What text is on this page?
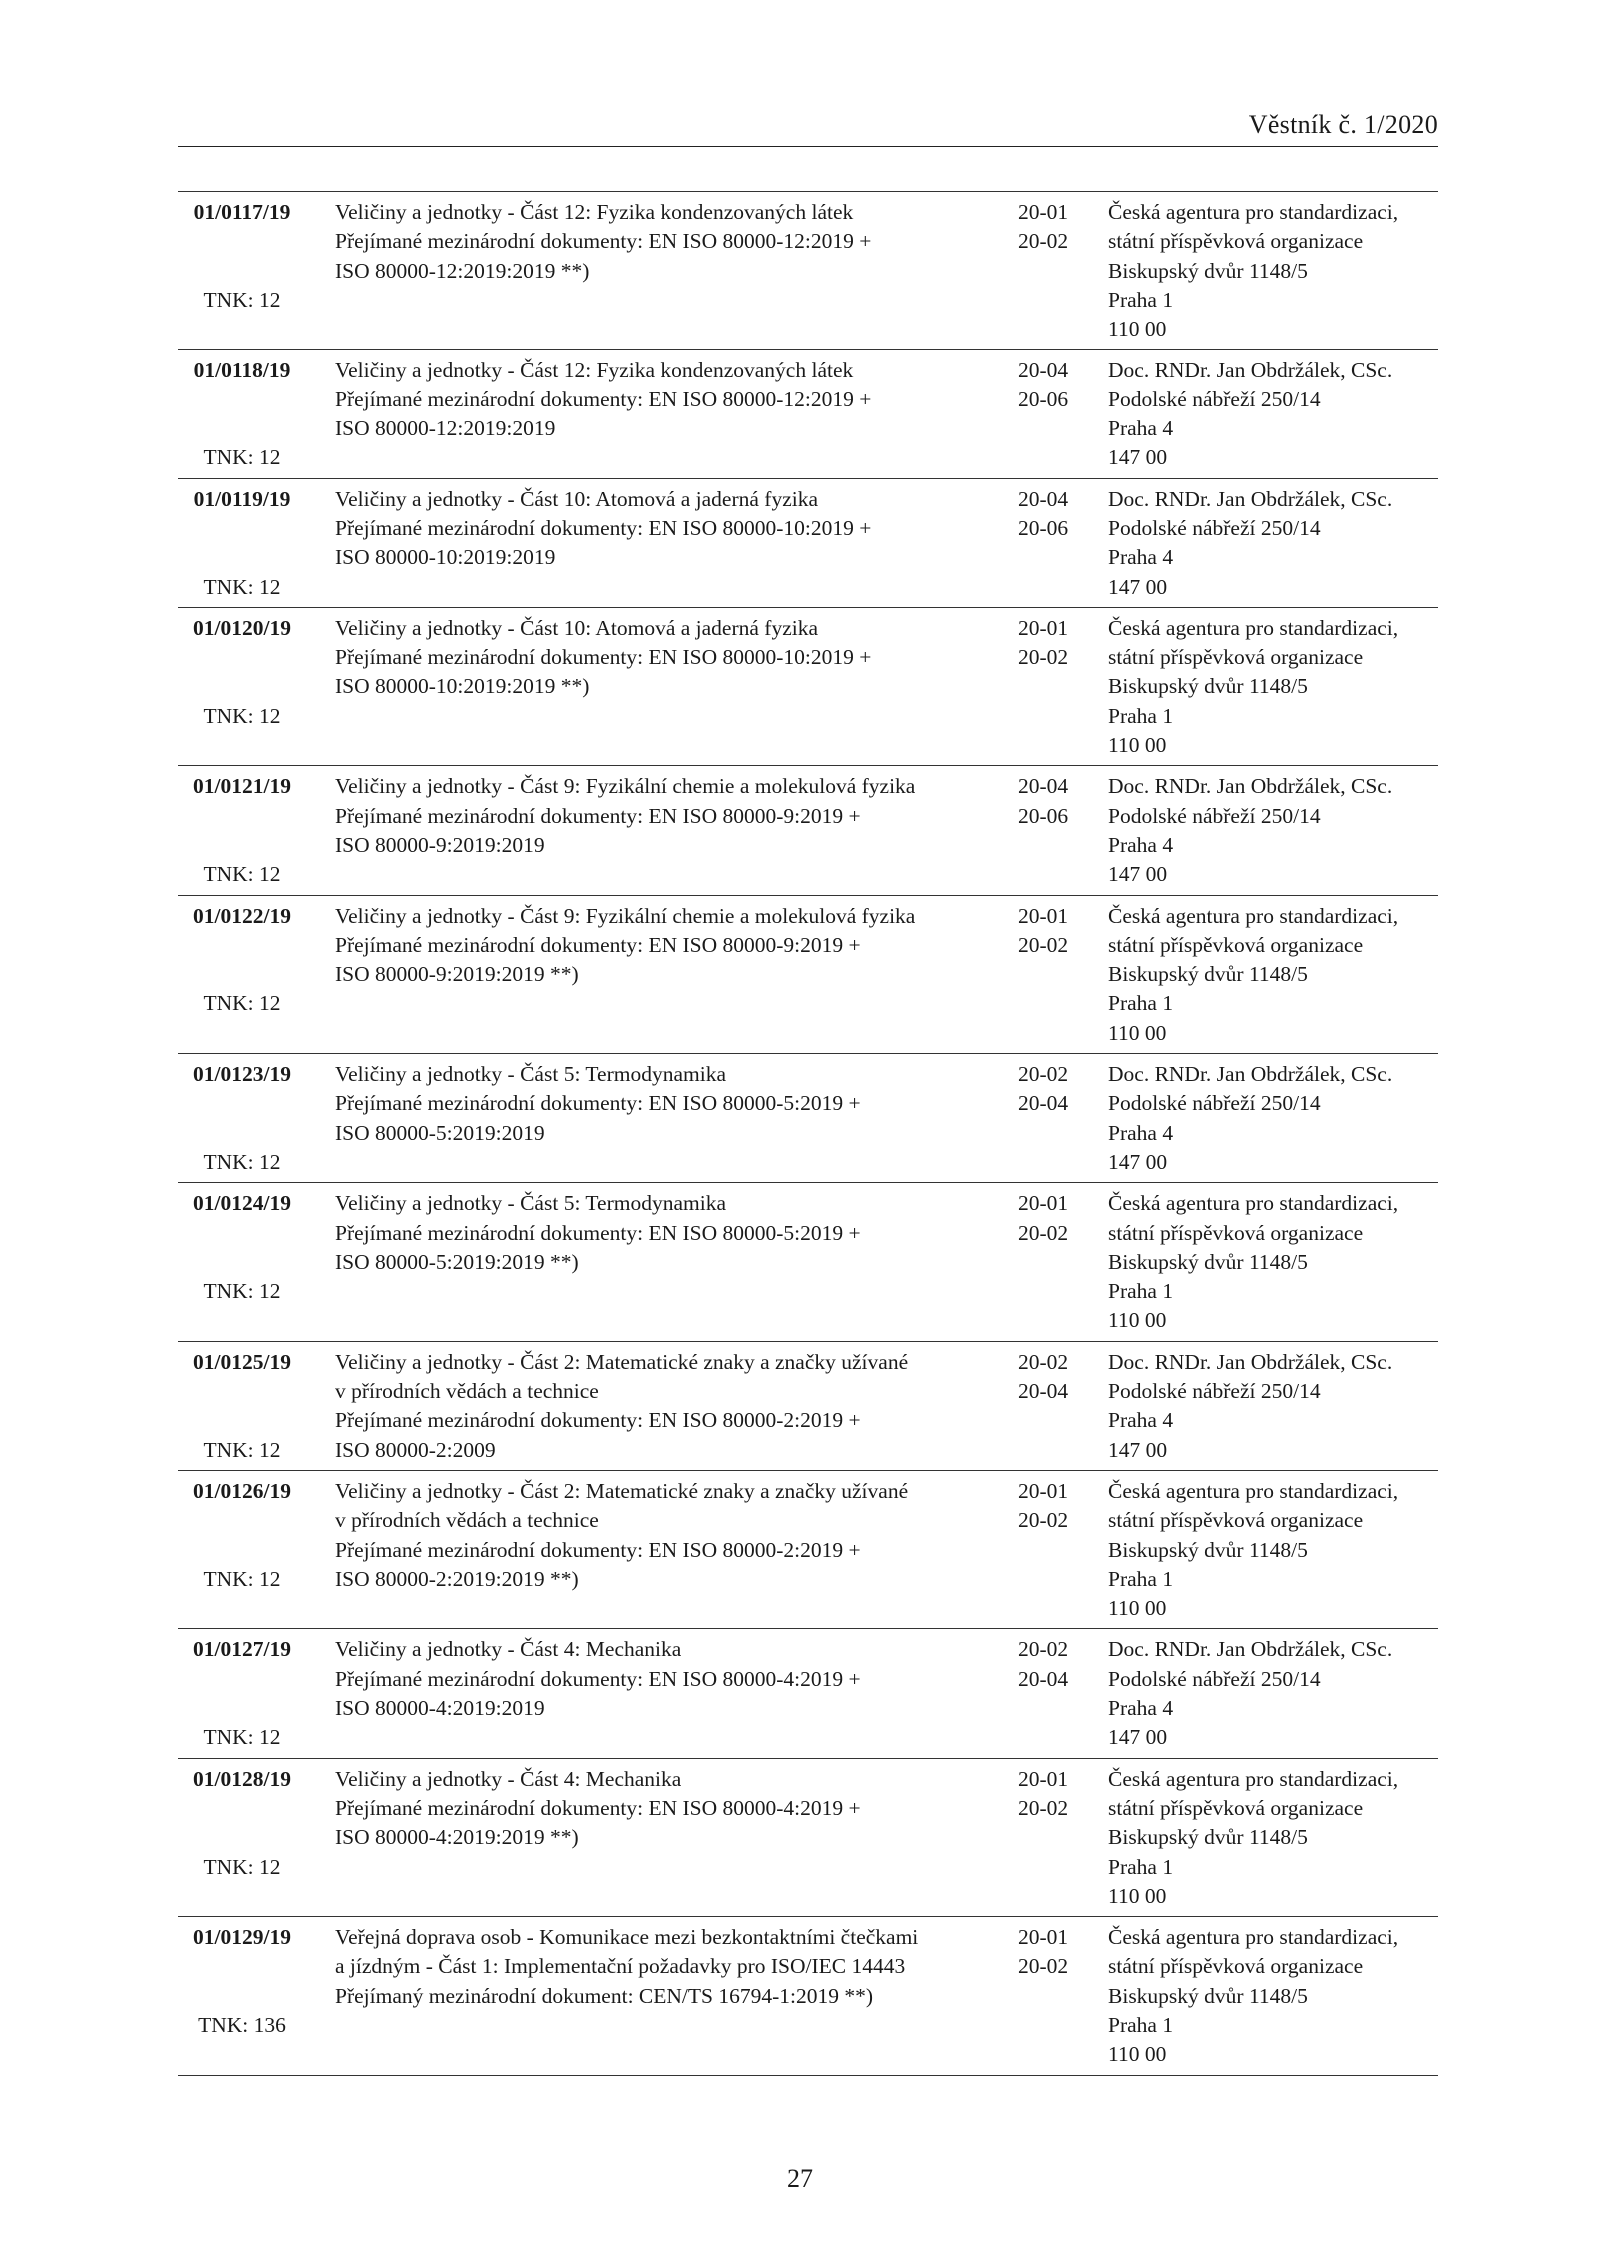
Věstník č. 1/2020
01/0117/19
TNK: 12
Veličiny a jednotky - Část 12: Fyzika kondenzovaných látek
Přejímané mezinárodní dokumenty: EN ISO 80000-12:2019 +
ISO 80000-12:2019:2019 **)
20-01
20-02
Česká agentura pro standardizaci,
státní příspěvková organizace
Biskupský dvůr 1148/5
Praha 1
110 00
01/0118/19
TNK: 12
Veličiny a jednotky - Část 12: Fyzika kondenzovaných látek
Přejímané mezinárodní dokumenty: EN ISO 80000-12:2019 +
ISO 80000-12:2019:2019
20-04
20-06
Doc. RNDr. Jan Obdržálek, CSc.
Podolské nábřeží 250/14
Praha 4
147 00
01/0119/19
TNK: 12
Veličiny a jednotky - Část 10: Atomová a jaderná fyzika
Přejímané mezinárodní dokumenty: EN ISO 80000-10:2019 +
ISO 80000-10:2019:2019
20-04
20-06
Doc. RNDr. Jan Obdržálek, CSc.
Podolské nábřeží 250/14
Praha 4
147 00
01/0120/19
TNK: 12
Veličiny a jednotky - Část 10: Atomová a jaderná fyzika
Přejímané mezinárodní dokumenty: EN ISO 80000-10:2019 +
ISO 80000-10:2019:2019 **)
20-01
20-02
Česká agentura pro standardizaci,
státní příspěvková organizace
Biskupský dvůr 1148/5
Praha 1
110 00
01/0121/19
TNK: 12
Veličiny a jednotky - Část 9: Fyzikální chemie a molekulová fyzika
Přejímané mezinárodní dokumenty: EN ISO 80000-9:2019 +
ISO 80000-9:2019:2019
20-04
20-06
Doc. RNDr. Jan Obdržálek, CSc.
Podolské nábřeží 250/14
Praha 4
147 00
01/0122/19
TNK: 12
Veličiny a jednotky - Část 9: Fyzikální chemie a molekulová fyzika
Přejímané mezinárodní dokumenty: EN ISO 80000-9:2019 +
ISO 80000-9:2019:2019 **)
20-01
20-02
Česká agentura pro standardizaci,
státní příspěvková organizace
Biskupský dvůr 1148/5
Praha 1
110 00
01/0123/19
TNK: 12
Veličiny a jednotky - Část 5: Termodynamika
Přejímané mezinárodní dokumenty: EN ISO 80000-5:2019 +
ISO 80000-5:2019:2019
20-02
20-04
Doc. RNDr. Jan Obdržálek, CSc.
Podolské nábřeží 250/14
Praha 4
147 00
01/0124/19
TNK: 12
Veličiny a jednotky - Část 5: Termodynamika
Přejímané mezinárodní dokumenty: EN ISO 80000-5:2019 +
ISO 80000-5:2019:2019 **)
20-01
20-02
Česká agentura pro standardizaci,
státní příspěvková organizace
Biskupský dvůr 1148/5
Praha 1
110 00
01/0125/19
TNK: 12
Veličiny a jednotky - Část 2: Matematické znaky a značky užívané
v přírodních vědách a technice
Přejímané mezinárodní dokumenty: EN ISO 80000-2:2019 +
ISO 80000-2:2009
20-02
20-04
Doc. RNDr. Jan Obdržálek, CSc.
Podolské nábřeží 250/14
Praha 4
147 00
01/0126/19
TNK: 12
Veličiny a jednotky - Část 2: Matematické znaky a značky užívané
v přírodních vědách a technice
Přejímané mezinárodní dokumenty: EN ISO 80000-2:2019 +
ISO 80000-2:2019:2019 **)
20-01
20-02
Česká agentura pro standardizaci,
státní příspěvková organizace
Biskupský dvůr 1148/5
Praha 1
110 00
01/0127/19
TNK: 12
Veličiny a jednotky - Část 4: Mechanika
Přejímané mezinárodní dokumenty: EN ISO 80000-4:2019 +
ISO 80000-4:2019:2019
20-02
20-04
Doc. RNDr. Jan Obdržálek, CSc.
Podolské nábřeží 250/14
Praha 4
147 00
01/0128/19
TNK: 12
Veličiny a jednotky - Část 4: Mechanika
Přejímané mezinárodní dokumenty: EN ISO 80000-4:2019 +
ISO 80000-4:2019:2019 **)
20-01
20-02
Česká agentura pro standardizaci,
státní příspěvková organizace
Biskupský dvůr 1148/5
Praha 1
110 00
01/0129/19
TNK: 136
Veřejná doprava osob - Komunikace mezi bezkontaktními čtečkami
a jízdným - Část 1: Implementační požadavky pro ISO/IEC 14443
Přejímaný mezinárodní dokument: CEN/TS 16794-1:2019 **)
20-01
20-02
Česká agentura pro standardizaci,
státní příspěvková organizace
Biskupský dvůr 1148/5
Praha 1
110 00
27
